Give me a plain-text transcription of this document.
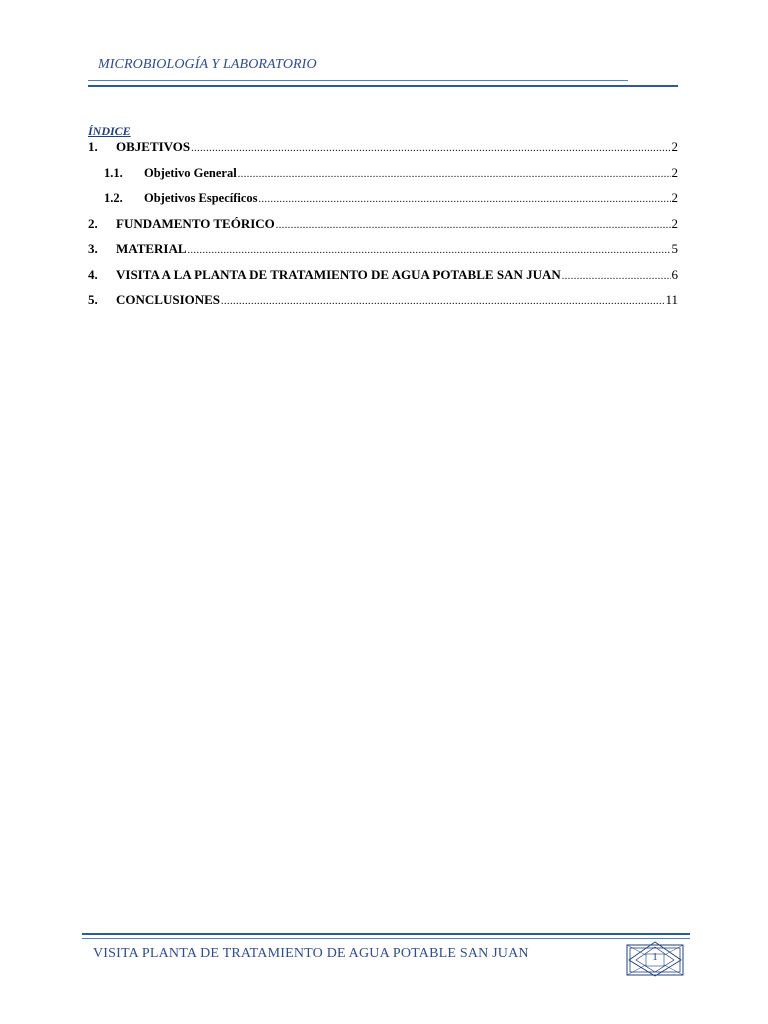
MICROBIOLOGÍA Y LABORATORIO
ÍNDICE
1.	OBJETIVOS .....	2
1.1.	Objetivo General .....	2
1.2.	Objetivos Específicos .....	2
2.	FUNDAMENTO TEÓRICO .....	2
3.	MATERIAL .....	5
4.	VISITA A LA PLANTA DE TRATAMIENTO DE AGUA POTABLE SAN JUAN .....	6
5.	CONCLUSIONES .....	11
VISITA PLANTA DE TRATAMIENTO DE AGUA POTABLE SAN JUAN	1
